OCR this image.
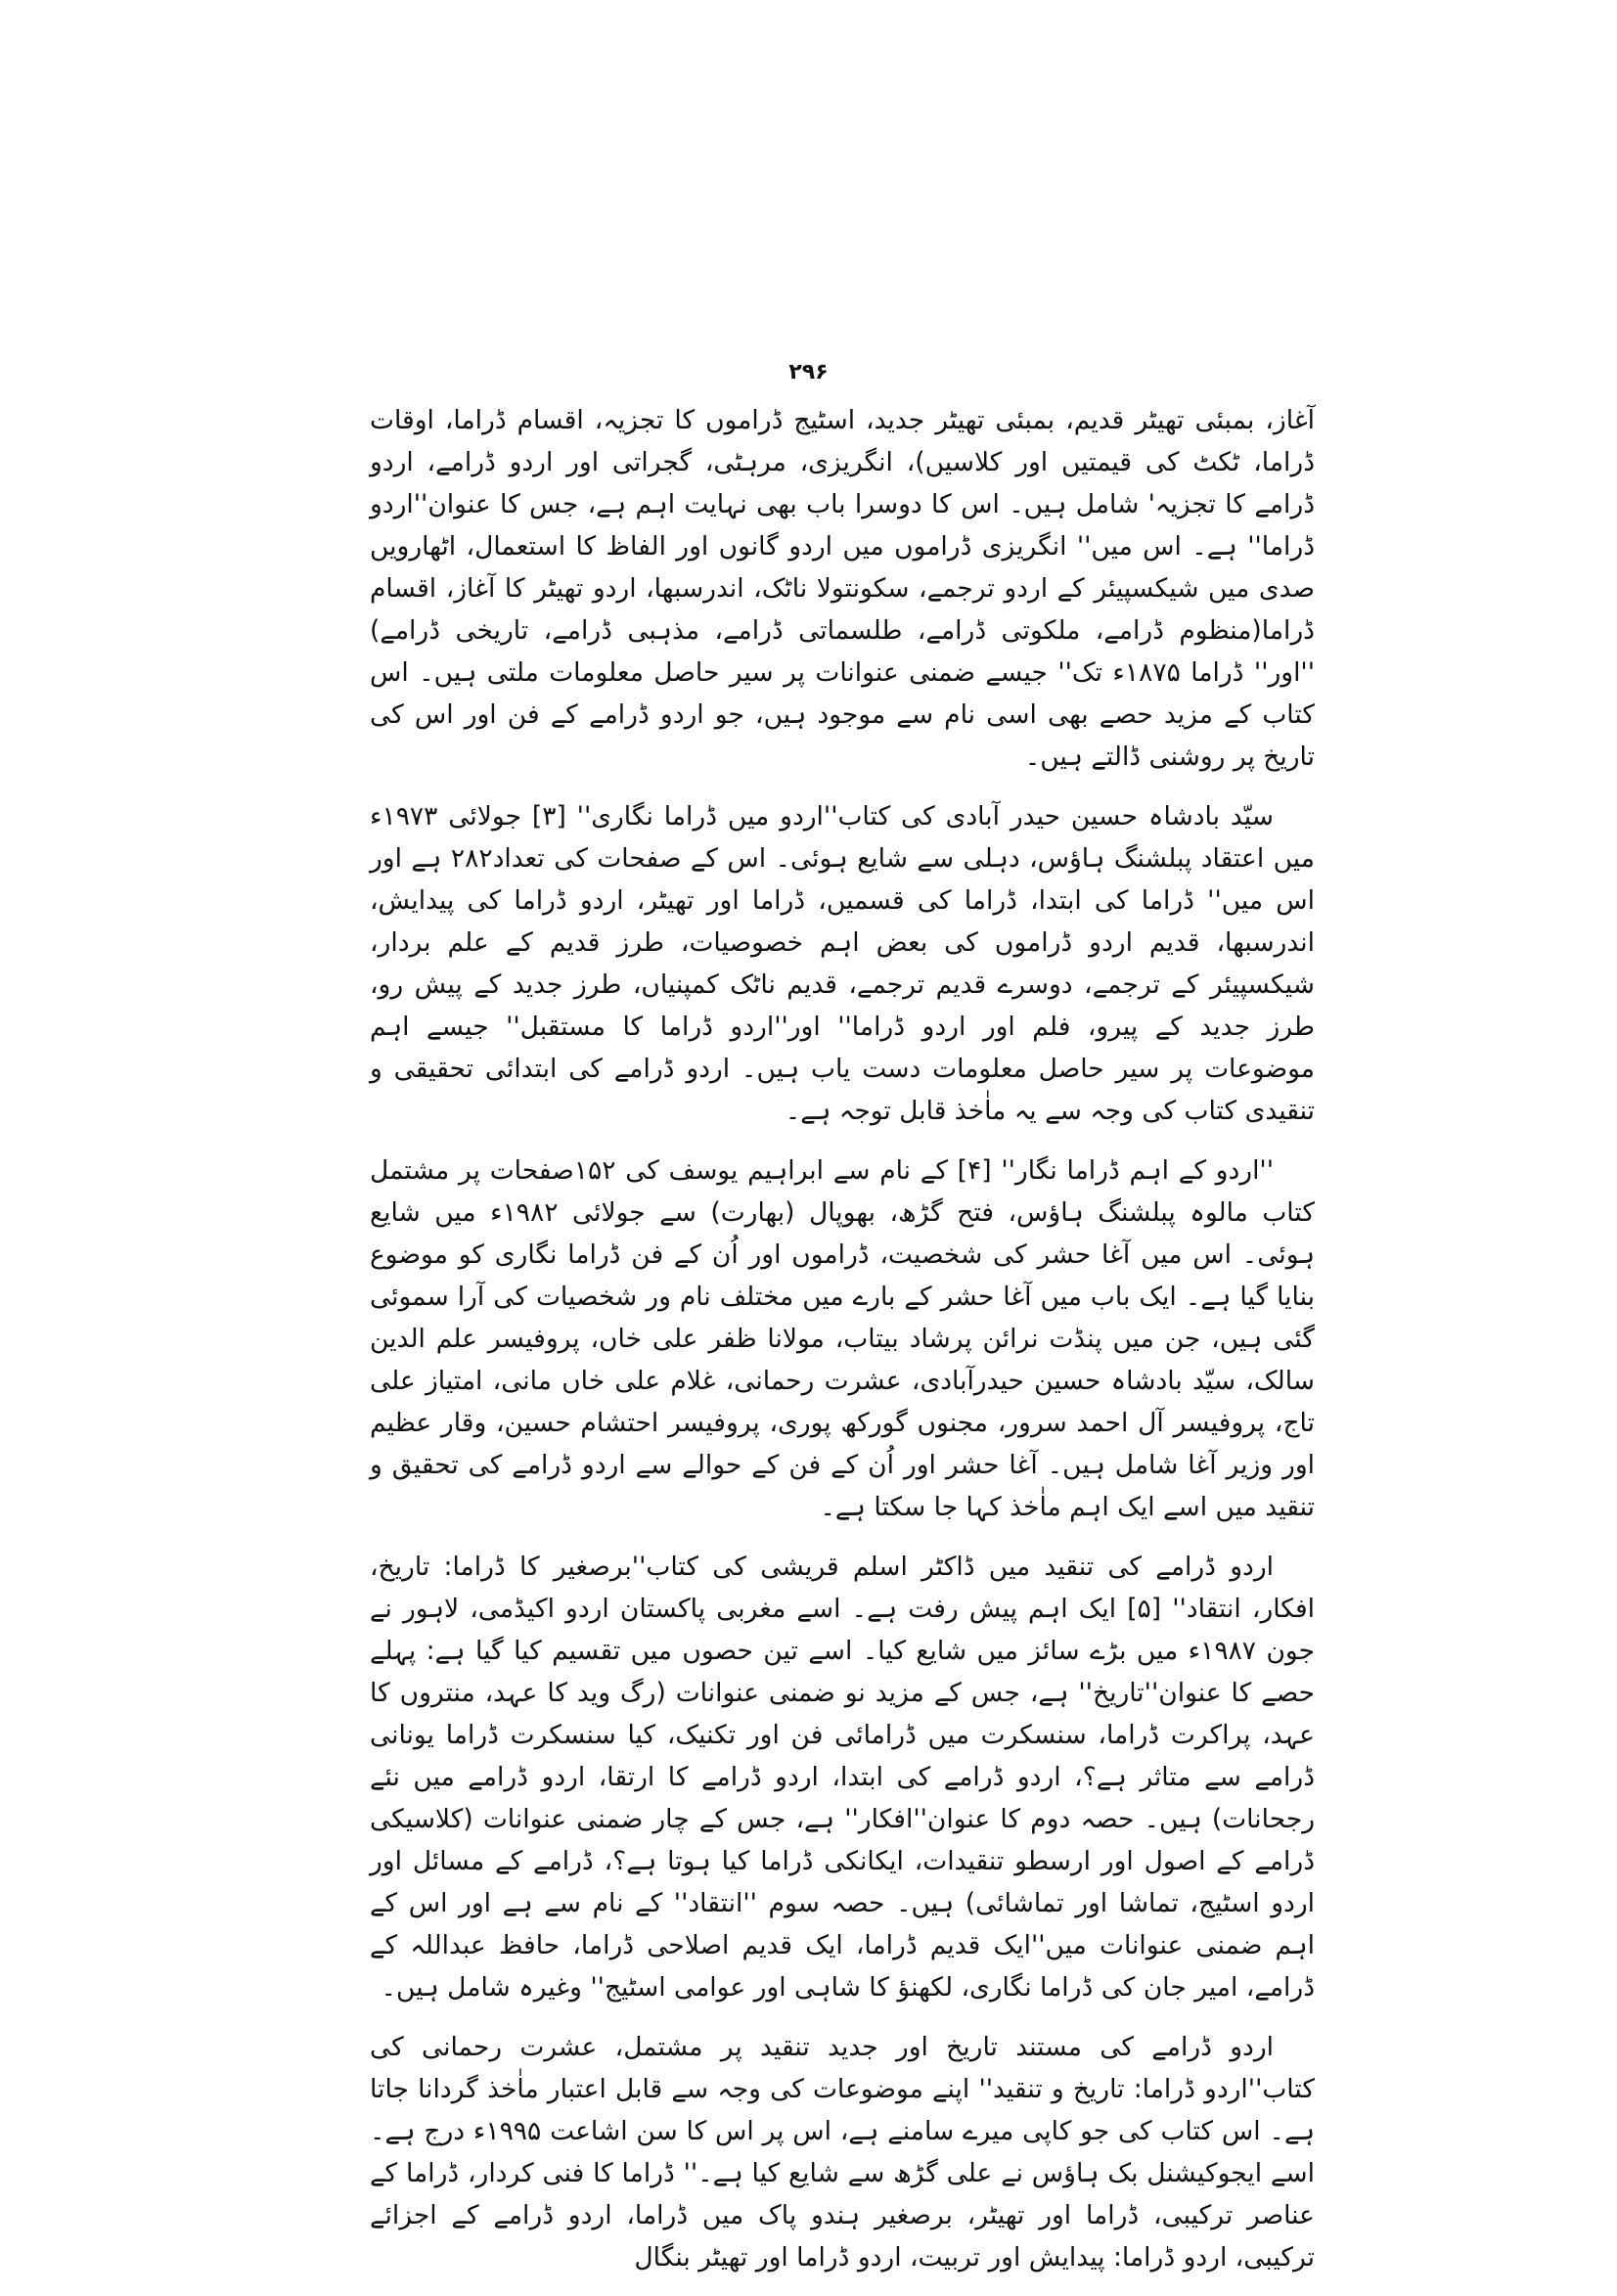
۲۹۶

آغاز، بمبئی تھیٹر قدیم، بمبئی تھیٹر جدید، اسٹیج ڈراموں کا تجزیہ، اقسام ڈراما، اوقات ڈراما، ٹکٹ کی قیمتیں اور کلاسیں)، انگریزی، مرہٹی، گجراتی اور اردو ڈرامے، اردو ڈرامے کا تجزیہ' شامل ہیں۔ اس کا دوسرا باب بھی نہایت اہم ہے، جس کا عنوان''اردو ڈراما'' ہے۔ اس میں'' انگریزی ڈراموں میں اردو گانوں اور الفاظ کا استعمال، اٹھارویں صدی میں شیکسپیئر کے اردو ترجمے، سکونتولا ناٹک، اندرسبھا، اردو تھیٹر کا آغاز، اقسام ڈراما(منظوم ڈرامے، ملکوتی ڈرامے، طلسماتی ڈرامے، مذہبی ڈرامے، تاریخی ڈرامے) ''اور'' ڈراما ۱۸۷۵ء تک'' جیسے ضمنی عنوانات پر سیر حاصل معلومات ملتی ہیں۔ اس کتاب کے مزید حصے بھی اسی نام سے موجود ہیں، جو اردو ڈرامے کے فن اور اس کی تاریخ پر روشنی ڈالتے ہیں۔

سیّد بادشاہ حسین حیدر آبادی کی کتاب''اردو میں ڈراما نگاری'' [۳] جولائی ۱۹۷۳ء میں اعتقاد پبلشنگ ہاؤس، دہلی سے شایع ہوئی۔ اس کے صفحات کی تعداد۲۸۲ ہے اور اس میں'' ڈراما کی ابتدا، ڈراما کی قسمیں، ڈراما اور تھیٹر، اردو ڈراما کی پیدایش، اندرسبھا، قدیم اردو ڈراموں کی بعض اہم خصوصیات، طرز قدیم کے علم بردار، شیکسپیئر کے ترجمے، دوسرے قدیم ترجمے، قدیم ناٹک کمپنیاں، طرز جدید کے پیش رو، طرز جدید کے پیرو، فلم اور اردو ڈراما'' اور''اردو ڈراما کا مستقبل'' جیسے اہم موضوعات پر سیر حاصل معلومات دست یاب ہیں۔ اردو ڈرامے کی ابتدائی تحقیقی و تنقیدی کتاب کی وجہ سے یہ ماٰخذ قابل توجہ ہے۔

''اردو کے اہم ڈراما نگار'' [۴] کے نام سے ابراہیم یوسف کی ۱۵۲صفحات پر مشتمل کتاب مالوہ پبلشنگ ہاؤس، فتح گڑھ، بھوپال (بھارت) سے جولائی ۱۹۸۲ء میں شایع ہوئی۔ اس میں آغا حشر کی شخصیت، ڈراموں اور اُن کے فن ڈراما نگاری کو موضوع بنایا گیا ہے۔ ایک باب میں آغا حشر کے بارے میں مختلف نام ور شخصیات کی آرا سموئی گئی ہیں، جن میں پنڈت نرائن پرشاد بیتاب، مولانا ظفر علی خاں، پروفیسر علم الدین سالک، سیّد بادشاہ حسین حیدرآبادی، عشرت رحمانی، غلام علی خاں مانی، امتیاز علی تاج، پروفیسر آل احمد سرور، مجنوں گورکھ پوری، پروفیسر احتشام حسین، وقار عظیم اور وزیر آغا شامل ہیں۔ آغا حشر اور اُن کے فن کے حوالے سے اردو ڈرامے کی تحقیق و تنقید میں اسے ایک اہم ماٰخذ کہا جا سکتا ہے۔

اردو ڈرامے کی تنقید میں ڈاکٹر اسلم قریشی کی کتاب''برصغیر کا ڈراما: تاریخ، افکار، انتقاد'' [۵] ایک اہم پیش رفت ہے۔ اسے مغربی پاکستان اردو اکیڈمی، لاہور نے جون ۱۹۸۷ء میں بڑے سائز میں شایع کیا۔ اسے تین حصوں میں تقسیم کیا گیا ہے: پہلے حصے کا عنوان''تاریخ'' ہے، جس کے مزید نو ضمنی عنوانات (رگ وید کا عہد، منتروں کا عہد، پراکرت ڈراما، سنسکرت میں ڈرامائی فن اور تکنیک، کیا سنسکرت ڈراما یونانی ڈرامے سے متاثر ہے؟، اردو ڈرامے کی ابتدا، اردو ڈرامے کا ارتقا، اردو ڈرامے میں نئے رجحانات) ہیں۔ حصہ دوم کا عنوان''افکار'' ہے، جس کے چار ضمنی عنوانات (کلاسیکی ڈرامے کے اصول اور ارسطو تنقیدات، ایکانکی ڈراما کیا ہوتا ہے؟، ڈرامے کے مسائل اور اردو اسٹیج، تماشا اور تماشائی) ہیں۔ حصہ سوم ''انتقاد'' کے نام سے ہے اور اس کے اہم ضمنی عنوانات میں''ایک قدیم ڈراما، ایک قدیم اصلاحی ڈراما، حافظ عبداللہ کے ڈرامے، امیر جان کی ڈراما نگاری، لکھنؤ کا شاہی اور عوامی اسٹیج'' وغیرہ شامل ہیں۔

اردو ڈرامے کی مستند تاریخ اور جدید تنقید پر مشتمل، عشرت رحمانی کی کتاب''اردو ڈراما: تاریخ و تنقید'' اپنے موضوعات کی وجہ سے قابل اعتبار ماٰخذ گردانا جاتا ہے۔ اس کتاب کی جو کاپی میرے سامنے ہے، اس پر اس کا سن اشاعت ۱۹۹۵ء درج ہے۔ اسے ایجوکیشنل بک ہاؤس نے علی گڑھ سے شایع کیا ہے۔'' ڈراما کا فنی کردار، ڈراما کے عناصر ترکیبی، ڈراما اور تھیٹر، برصغیر ہندو پاک میں ڈراما، اردو ڈرامے کے اجزائے ترکیبی، اردو ڈراما: پیدایش اور تربیت، اردو ڈراما اور تھیٹر بنگال
